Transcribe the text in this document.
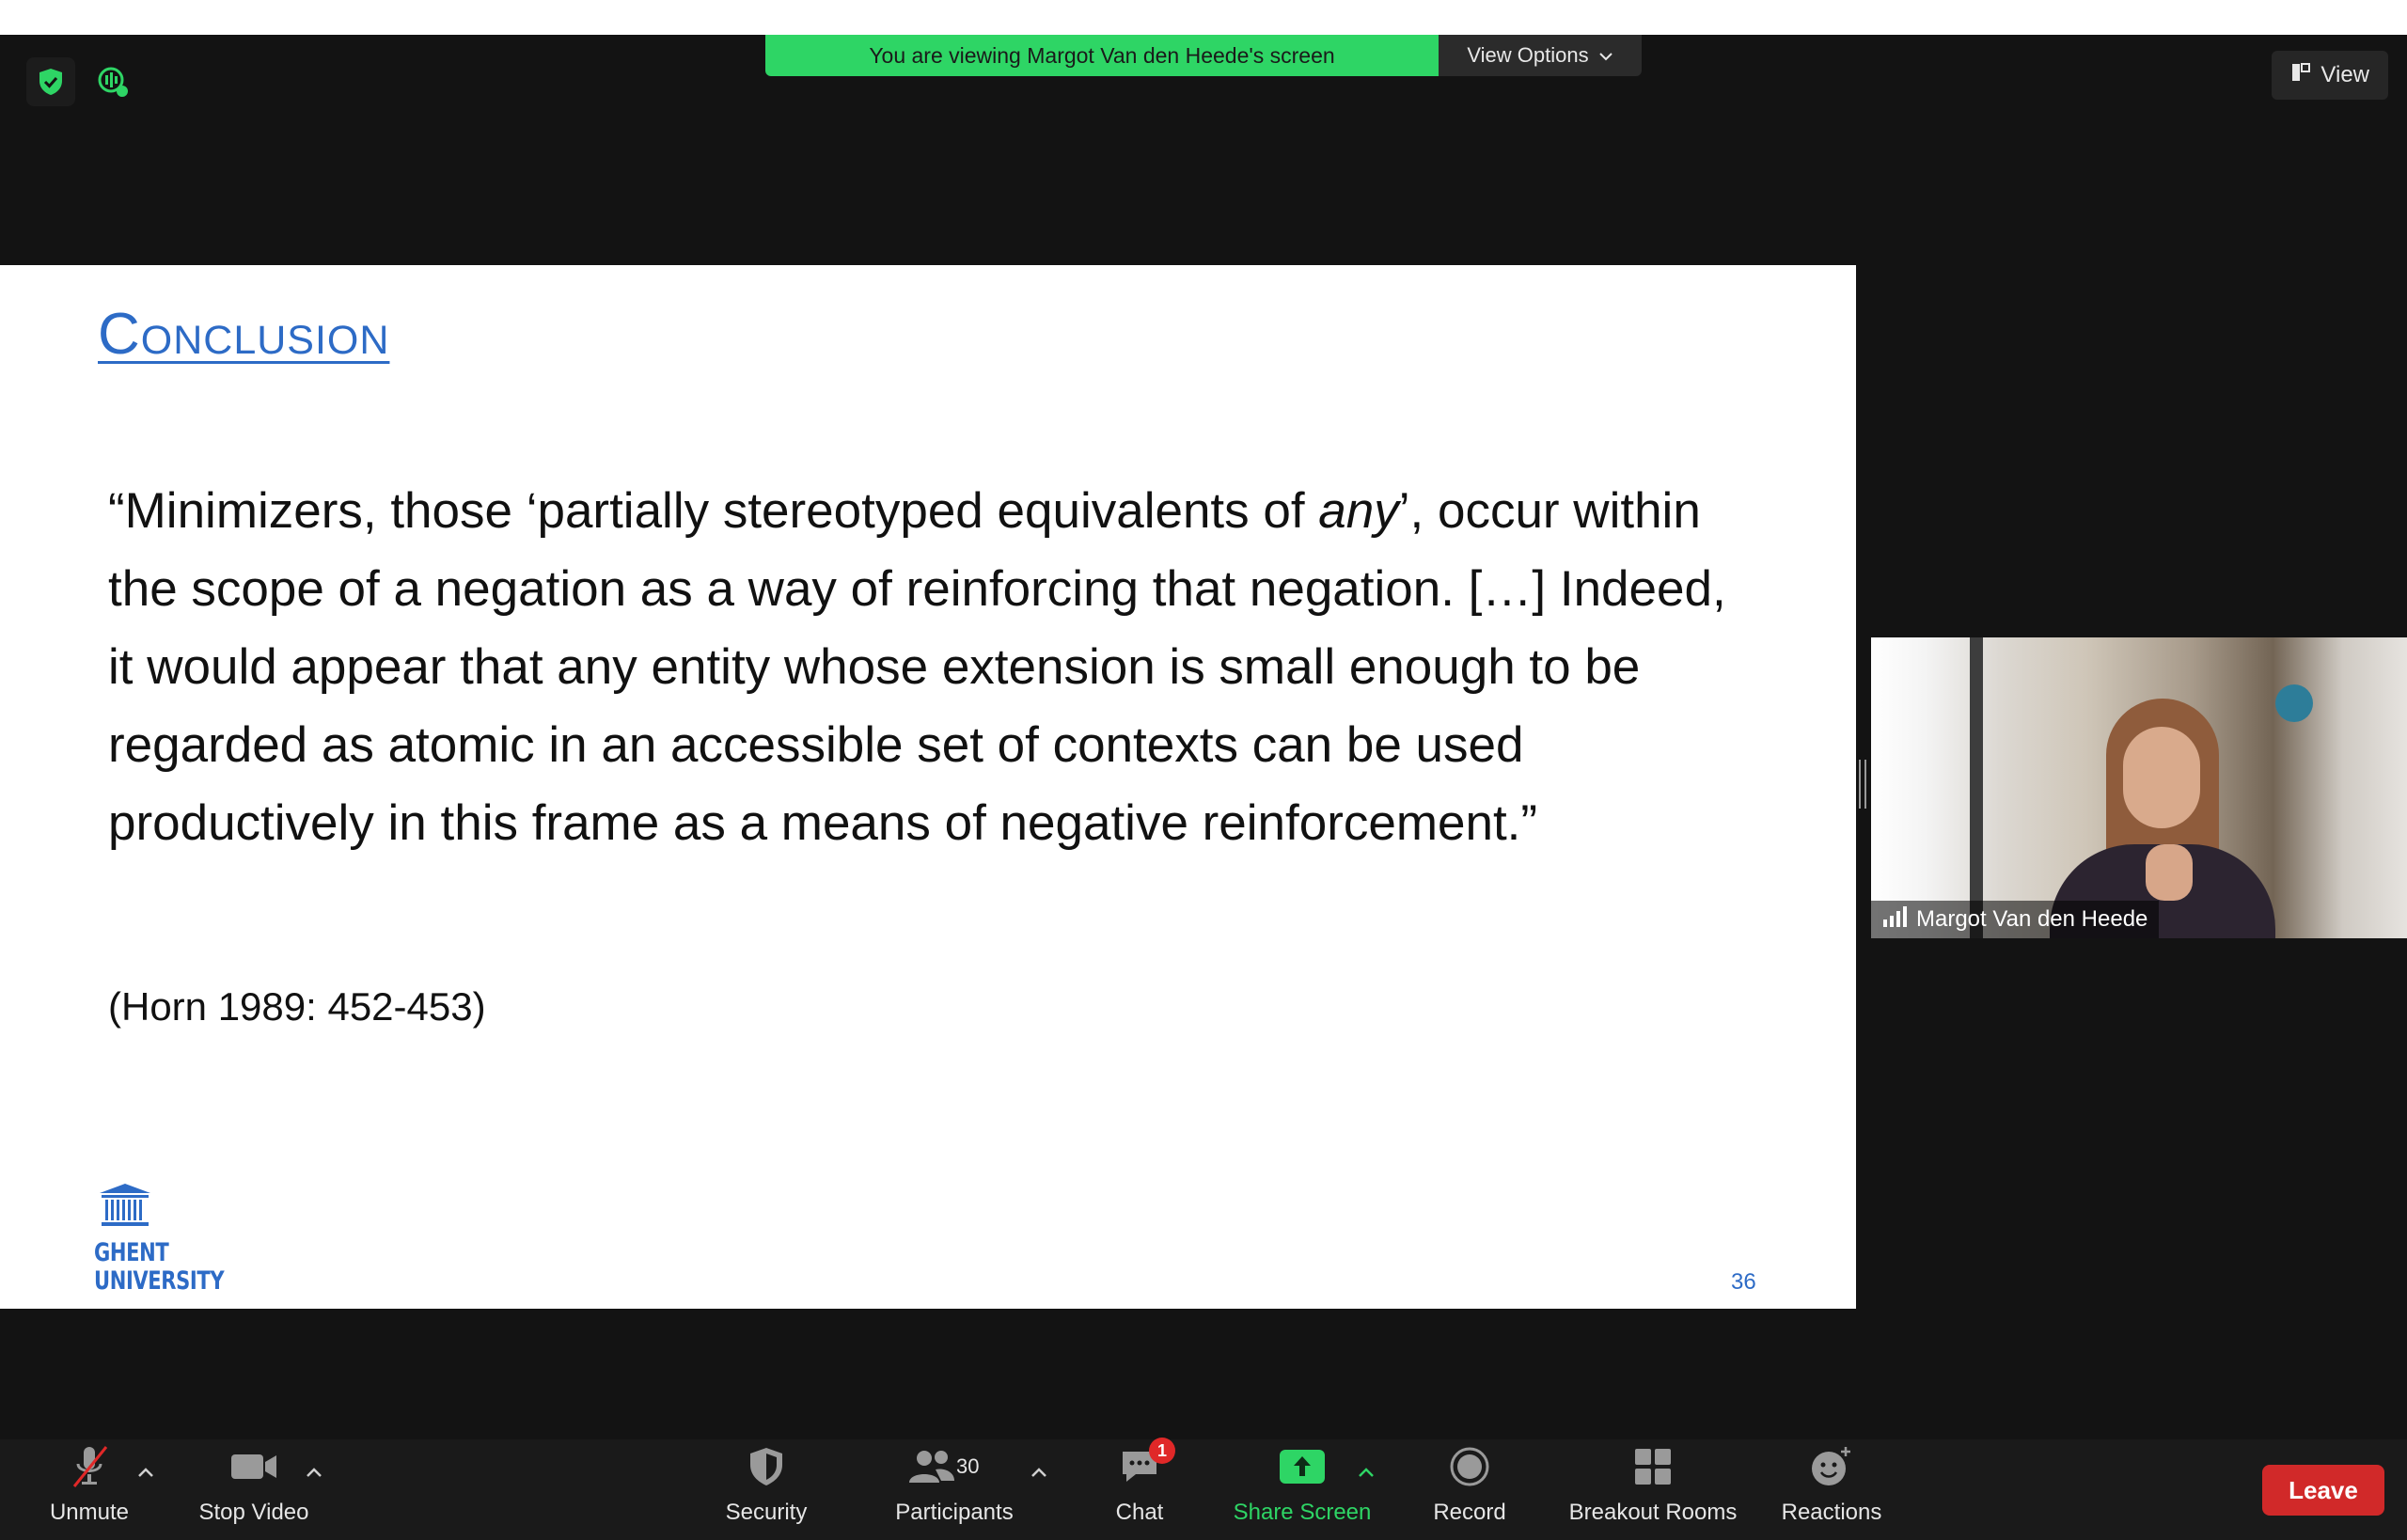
You are viewing Margot Van den Heede's screen	View Options
View
Conclusion
“Minimizers, those ‘partially stereotyped equivalents of any’, occur within the scope of a negation as a way of reinforcing that negation. […] Indeed, it would appear that any entity whose extension is small enough to be regarded as atomic in an accessible set of contexts can be used productively in this frame as a means of negative reinforcement.”
(Horn 1989: 452-453)
GHENT
UNIVERSITY	36
Margot Van den Heede
Unmute	Stop Video	Security
30
Participants
1
Chat	Share Screen	Record	Breakout Rooms Reactions
Leave
